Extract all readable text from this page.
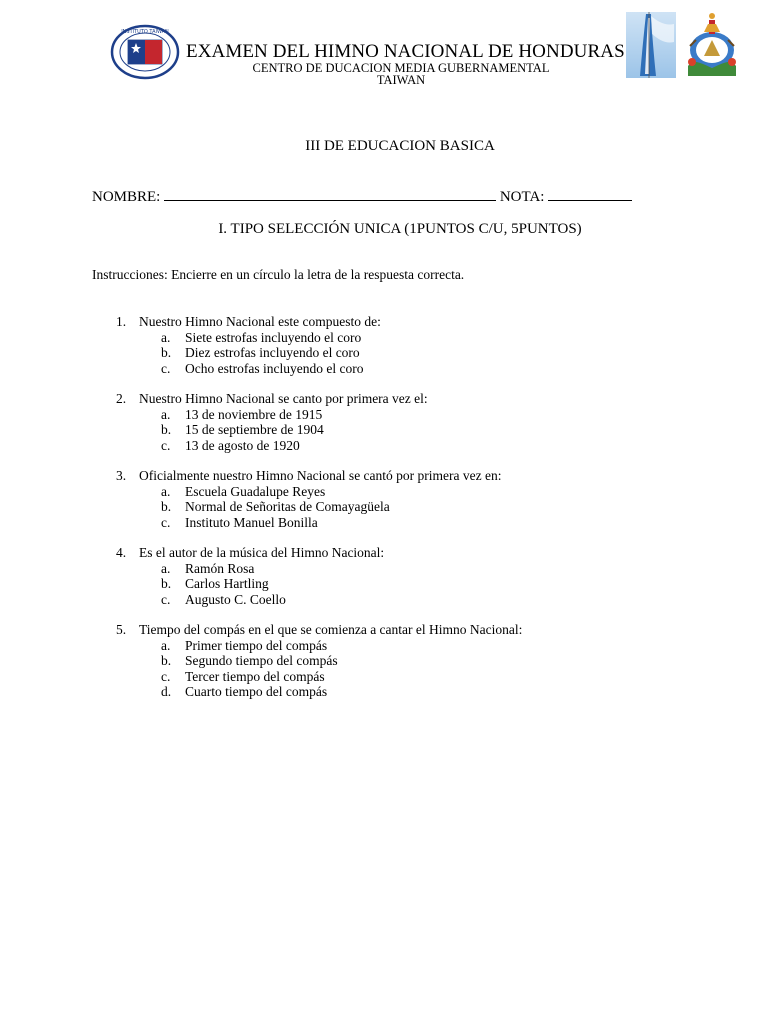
INSTITUTO TAIWAN
EXAMEN DEL HIMNO NACIONAL DE HONDURAS
CENTRO DE DUCACION MEDIA GUBERNAMENTAL
TAIWAN
III DE EDUCACION BASICA
NOMBRE:	NOTA:
I. TIPO SELECCIÓN UNICA (1PUNTOS C/U, 5PUNTOS)
Instrucciones: Encierre en un círculo la letra de la respuesta correcta.
1. Nuestro Himno Nacional este compuesto de:
a.	Siete estrofas incluyendo el coro
b.	Diez estrofas incluyendo el coro
c.	Ocho estrofas incluyendo el coro
2. Nuestro Himno Nacional se canto por primera vez el:
a.	13 de noviembre de 1915
b.	15 de septiembre de 1904
c.	13 de agosto de 1920
3. Oficialmente nuestro Himno Nacional se cantó por primera vez en:
a.	Escuela Guadalupe Reyes
b.	Normal de Señoritas de Comayagüela
c.	Instituto Manuel Bonilla
4. Es el autor de la música del Himno Nacional:
a.	Ramón Rosa
b.	Carlos Hartling
c.	Augusto C. Coello
5. Tiempo del compás en el que se comienza a cantar el Himno Nacional:
a.	Primer tiempo del compás
b.	Segundo tiempo del compás
c.	Tercer tiempo del compás
d.	Cuarto tiempo del compás
